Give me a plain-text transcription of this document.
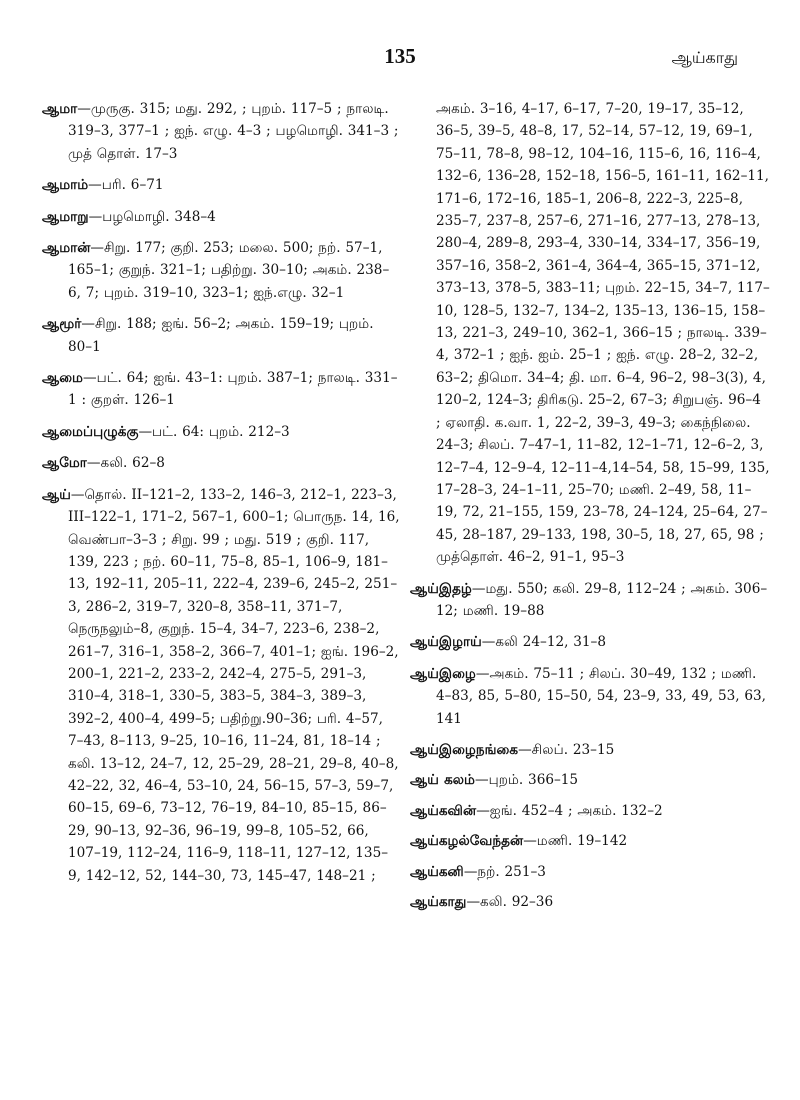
135	ஆய்காது

ஆமா—முருகு. 315; மது. 292, ; புறம். 117–5 ; நாலடி. 319–3, 377–1 ; ஐந். எழு. 4–3 ; பழமொழி. 341–3 ; முத் தொள். 17–3

ஆமாம்—பரி. 6–71

ஆமாறு—பழமொழி. 348–4

ஆமான்—சிறு. 177; குறி. 253; மலை. 500; நற். 57–1, 165–1; குறுந். 321–1; பதிற்று. 30–10; அகம். 238–6, 7; புறம். 319–10, 323–1; ஐந்.எழு. 32–1

ஆமூர்—சிறு. 188; ஐங். 56–2; அகம். 159–19; புறம். 80–1

ஆமை—பட். 64; ஐங். 43–1: புறம். 387–1; நாலடி. 331–1 : குறள். 126–1

ஆமைப்புழுக்கு—பட். 64: புறம். 212–3

ஆமோ—கலி. 62–8

ஆய்—தொல். II–121–2, 133–2, 146–3, 212–1, 223–3, III–122–1, 171–2, 567–1, 600–1; பொருந. 14, 16, வெண்பா–3–3 ; சிறு. 99 ; மது. 519 ; குறி. 117, 139, 223 ; நற். 60–11, 75–8, 85–1, 106–9, 181–13, 192–11, 205–11, 222–4, 239–6, 245–2, 251–3, 286–2, 319–7, 320–8, 358–11, 371–7, நெருநலும்–8, குறுந். 15–4, 34–7, 223–6, 238–2, 261–7, 316–1, 358–2, 366–7, 401–1; ஐங். 196–2, 200–1, 221–2, 233–2, 242–4, 275–5, 291–3, 310–4, 318–1, 330–5, 383–5, 384–3, 389–3, 392–2, 400–4, 499–5; பதிற்று.90–36; பரி. 4–57, 7–43, 8–113, 9–25, 10–16, 11–24, 81, 18–14 ; கலி. 13–12, 24–7, 12, 25–29, 28–21, 29–8, 40–8, 42–22, 32, 46–4, 53–10, 24, 56–15, 57–3, 59–7, 60–15, 69–6, 73–12, 76–19, 84–10, 85–15, 86–29, 90–13, 92–36, 96–19, 99–8, 105–52, 66, 107–19, 112–24, 116–9, 118–11, 127–12, 135–9, 142–12, 52, 144–30, 73, 145–47, 148–21 ;

அகம். 3–16, 4–17, 6–17, 7–20, 19–17, 35–12, 36–5, 39–5, 48–8, 17, 52–14, 57–12, 19, 69–1, 75–11, 78–8, 98–12, 104–16, 115–6, 16, 116–4, 132–6, 136–28, 152–18, 156–5, 161–11, 162–11, 171–6, 172–16, 185–1, 206–8, 222–3, 225–8, 235–7, 237–8, 257–6, 271–16, 277–13, 278–13, 280–4, 289–8, 293–4, 330–14, 334–17, 356–19, 357–16, 358–2, 361–4, 364–4, 365–15, 371–12, 373–13, 378–5, 383–11; புறம். 22–15, 34–7, 117–10, 128–5, 132–7, 134–2, 135–13, 136–15, 158–13, 221–3, 249–10, 362–1, 366–15 ; நாலடி. 339–4, 372–1 ; ஐந். ஐம். 25–1 ; ஐந். எழு. 28–2, 32–2, 63–2; திமொ. 34–4; தி. மா. 6–4, 96–2, 98–3(3), 4, 120–2, 124–3; திரிகடு. 25–2, 67–3; சிறுபஞ். 96–4 ; ஏலாதி. க.வா. 1, 22–2, 39–3, 49–3; கைந்நிலை. 24–3; சிலப். 7–47–1, 11–82, 12–1–71, 12–6–2, 3, 12–7–4, 12–9–4, 12–11–4,14–54, 58, 15–99, 135, 17–28–3, 24–1–11, 25–70; மணி. 2–49, 58, 11–19, 72, 21–155, 159, 23–78, 24–124, 25–64, 27–45, 28–187, 29–133, 198, 30–5, 18, 27, 65, 98 ; முத்தொள். 46–2, 91–1, 95–3

ஆய்இதழ்—மது. 550; கலி. 29–8, 112–24 ; அகம். 306–12; மணி. 19–88

ஆய்இழாய்—கலி 24–12, 31–8

ஆய்இழை—அகம். 75–11 ; சிலப். 30–49, 132 ; மணி. 4–83, 85, 5–80, 15–50, 54, 23–9, 33, 49, 53, 63, 141

ஆய்இழைநங்கை—சிலப். 23–15

ஆய் கலம்—புறம். 366–15

ஆய்கவின்—ஐங். 452–4 ; அகம். 132–2

ஆய்கழல்வேந்தன்—மணி. 19–142

ஆய்கனி—நற். 251–3

ஆய்காது—கலி. 92–36
